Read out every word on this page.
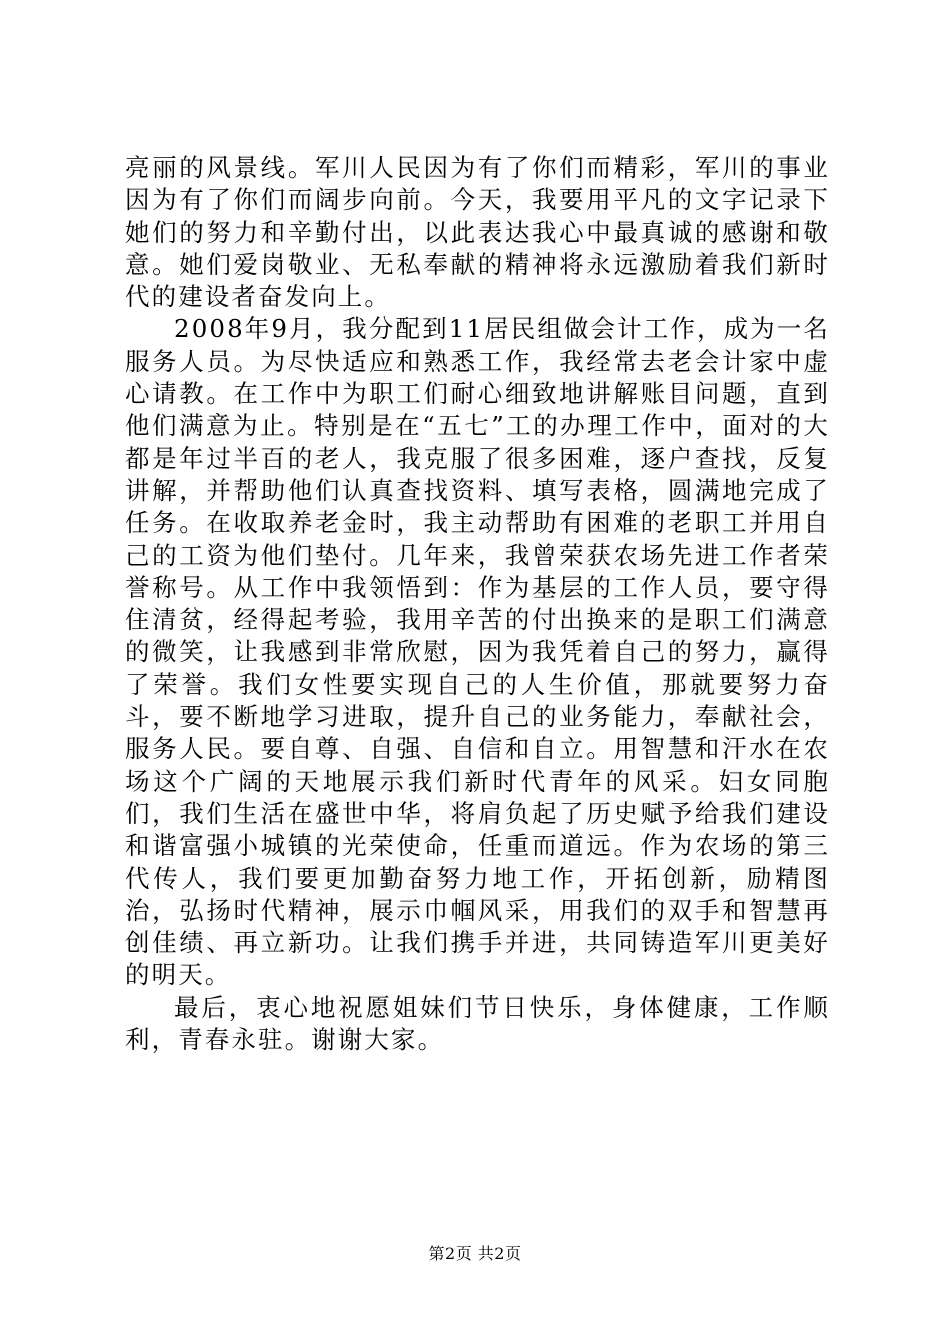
亮丽的风景线。军川人民因为有了你们而精彩，军川的事业因为有了你们而阔步向前。今天，我要用平凡的文字记录下她们的努力和辛勤付出，以此表达我心中最真诚的感谢和敬意。她们爱岗敬业、无私奉献的精神将永远激励着我们新时代的建设者奋发向上。

2008年9月，我分配到11居民组做会计工作，成为一名服务人员。为尽快适应和熟悉工作，我经常去老会计家中虚心请教。在工作中为职工们耐心细致地讲解账目问题，直到他们满意为止。特别是在“五七”工的办理工作中，面对的大都是年过半百的老人，我克服了很多困难，逐户查找，反复讲解，并帮助他们认真查找资料、填写表格，圆满地完成了任务。在收取养老金时，我主动帮助有困难的老职工并用自己的工资为他们垫付。几年来，我曾荣获农场先进工作者荣誉称号。从工作中我领悟到：作为基层的工作人员，要守得住清贫，经得起考验，我用辛苦的付出换来的是职工们满意的微笑，让我感到非常欣慰，因为我凭着自己的努力，赢得了荣誉。我们女性要实现自己的人生价值，那就要努力奋斗，要不断地学习进取，提升自己的业务能力，奉献社会，服务人民。要自尊、自强、自信和自立。用智慧和汗水在农场这个广阔的天地展示我们新时代青年的风采。妇女同胞们，我们生活在盛世中华，将肩负起了历史赋予给我们建设和谐富强小城镇的光荣使命，任重而道远。作为农场的第三代传人，我们要更加勤奋努力地工作，开拓创新，励精图治，弘扬时代精神，展示巾帼风采，用我们的双手和智慧再创佳绩、再立新功。让我们携手并进，共同铸造军川更美好的明天。

最后，衷心地祝愿姐妹们节日快乐，身体健康，工作顺利，青春永驻。谢谢大家。

第2页 共2页
